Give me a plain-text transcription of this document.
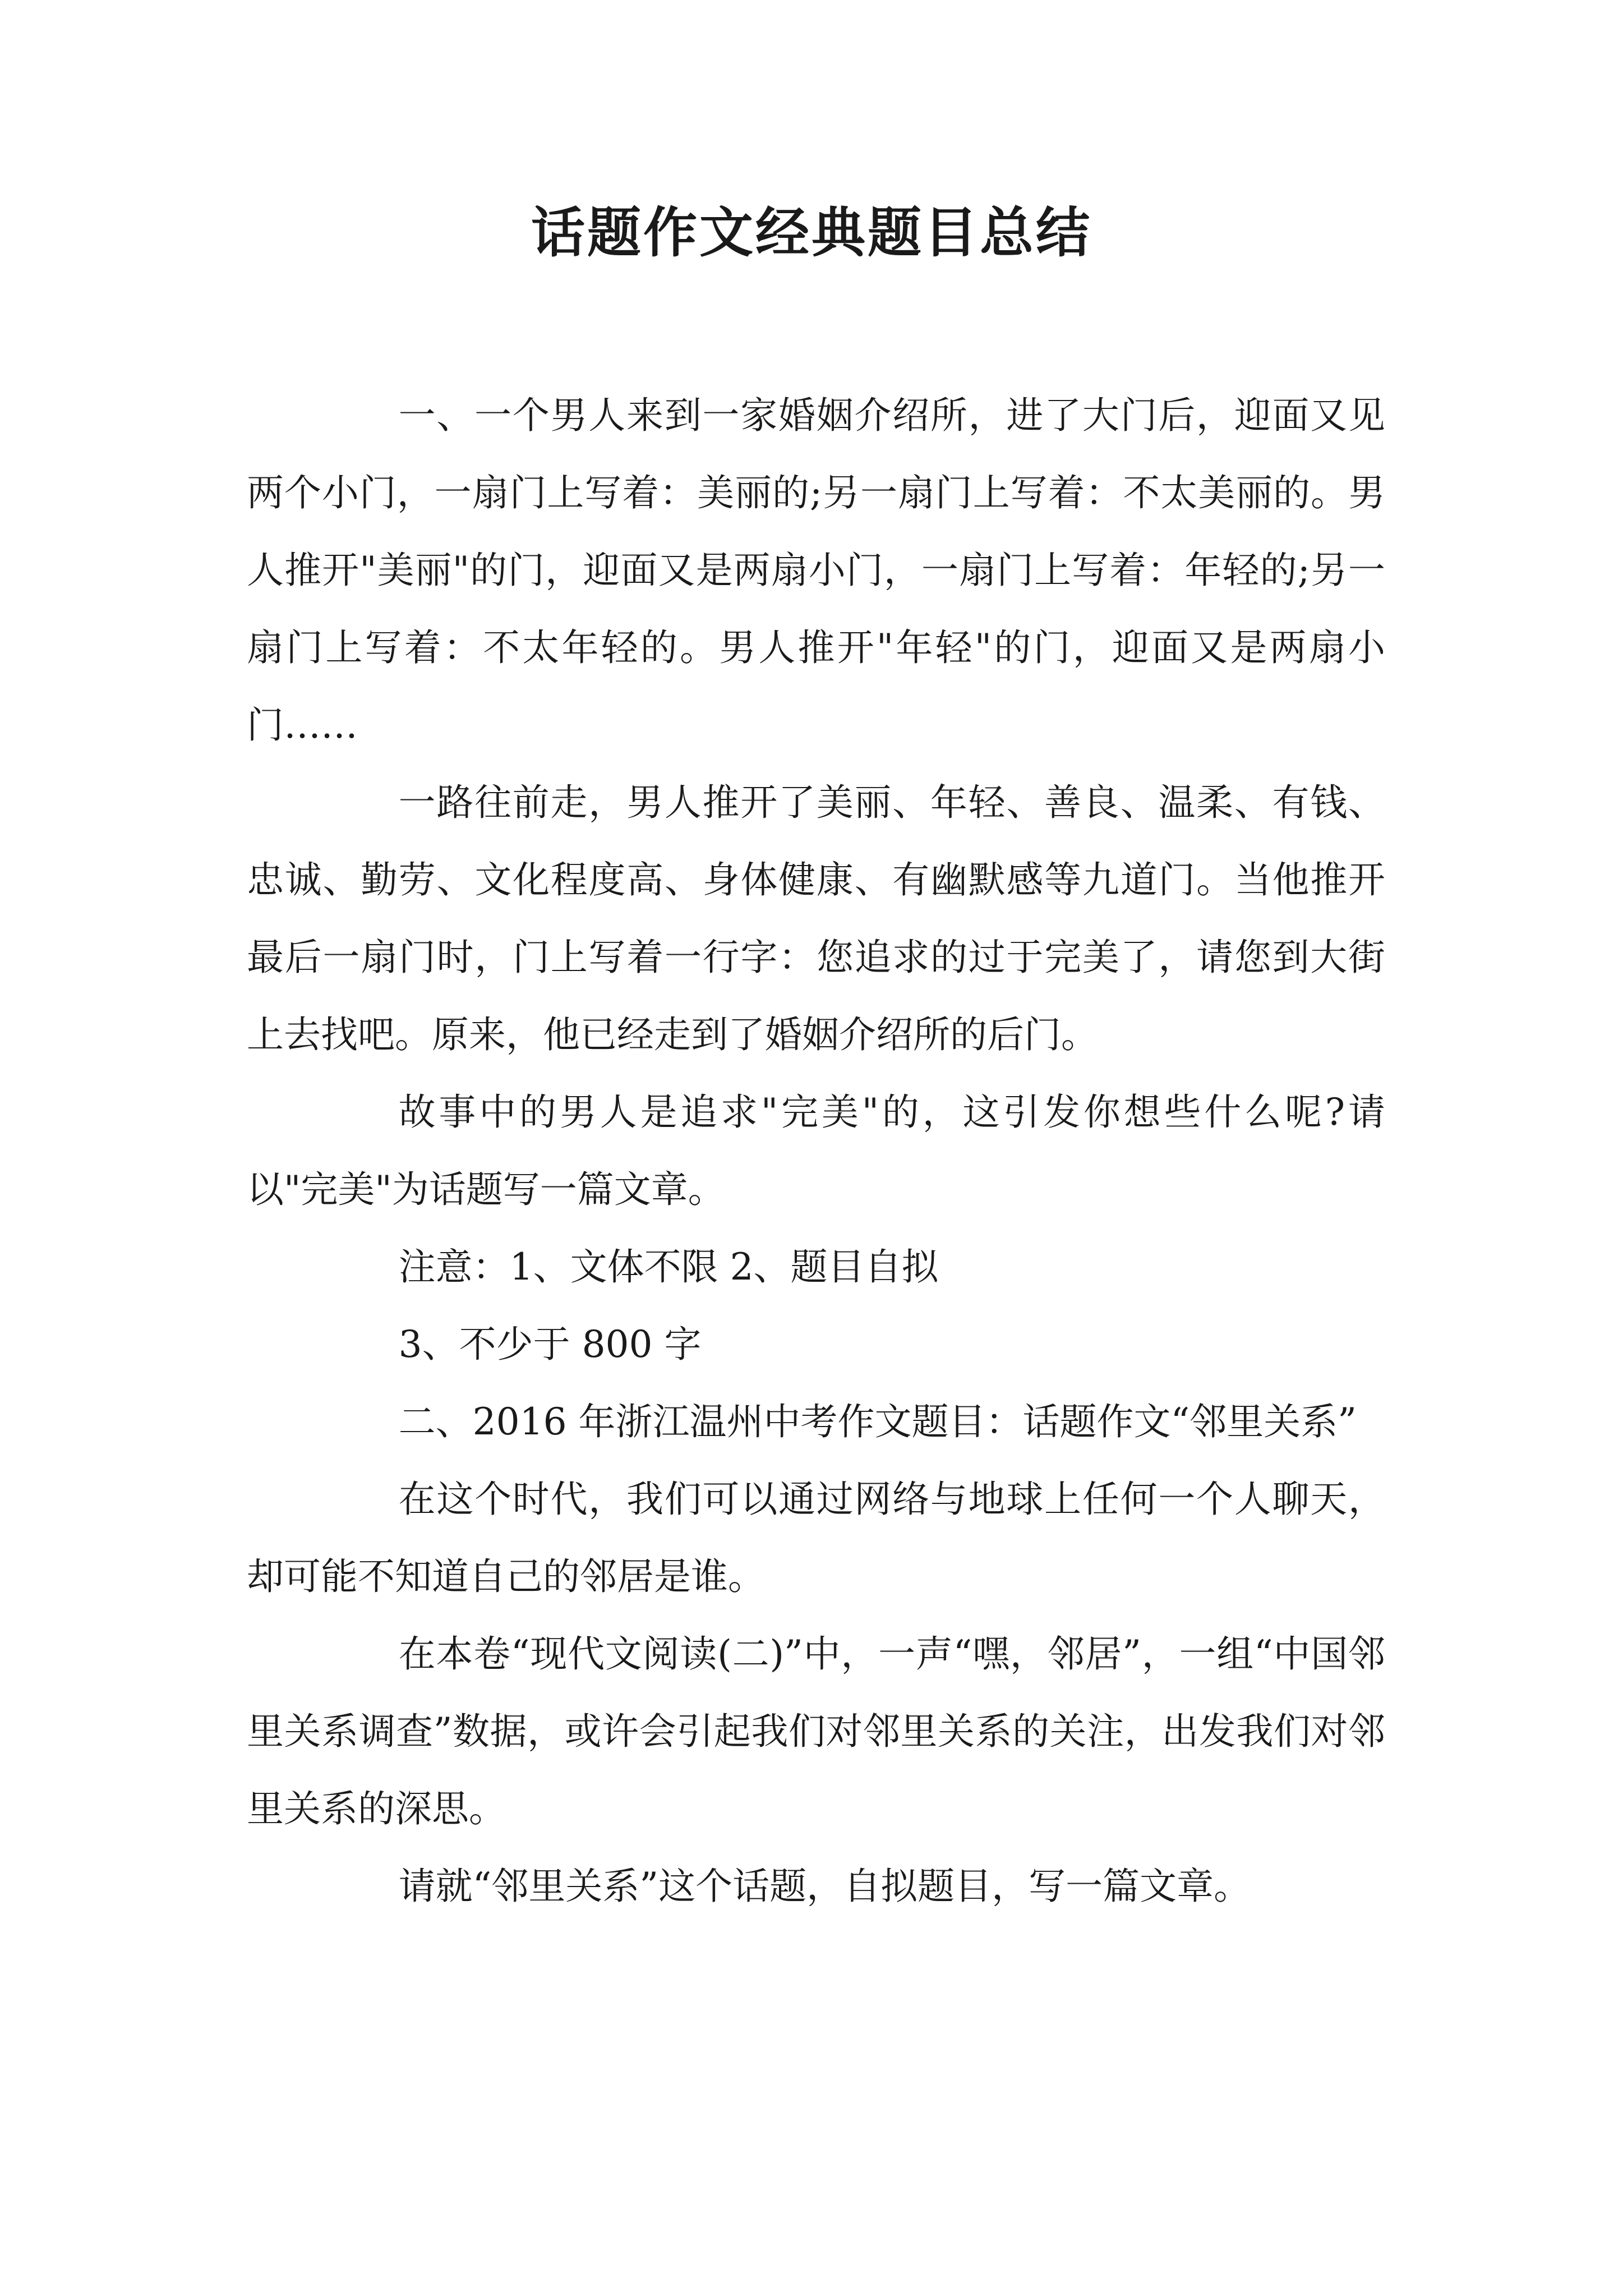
话题作文经典题目总结

一、一个男人来到一家婚姻介绍所，进了大门后，迎面又见两个小门，一扇门上写着：美丽的;另一扇门上写着：不太美丽的。男人推开"美丽"的门，迎面又是两扇小门，一扇门上写着：年轻的;另一扇门上写着：不太年轻的。男人推开"年轻"的门，迎面又是两扇小门……

一路往前走，男人推开了美丽、年轻、善良、温柔、有钱、忠诚、勤劳、文化程度高、身体健康、有幽默感等九道门。当他推开最后一扇门时，门上写着一行字：您追求的过于完美了，请您到大街上去找吧。原来，他已经走到了婚姻介绍所的后门。

故事中的男人是追求"完美"的，这引发你想些什么呢?请以"完美"为话题写一篇文章。

注意：1、文体不限 2、题目自拟

3、不少于 800 字

二、2016 年浙江温州中考作文题目：话题作文“邻里关系”

在这个时代，我们可以通过网络与地球上任何一个人聊天，却可能不知道自己的邻居是谁。

在本卷“现代文阅读(二)”中，一声“嘿，邻居”，一组“中国邻里关系调查”数据，或许会引起我们对邻里关系的关注，出发我们对邻里关系的深思。

请就“邻里关系”这个话题，自拟题目，写一篇文章。
